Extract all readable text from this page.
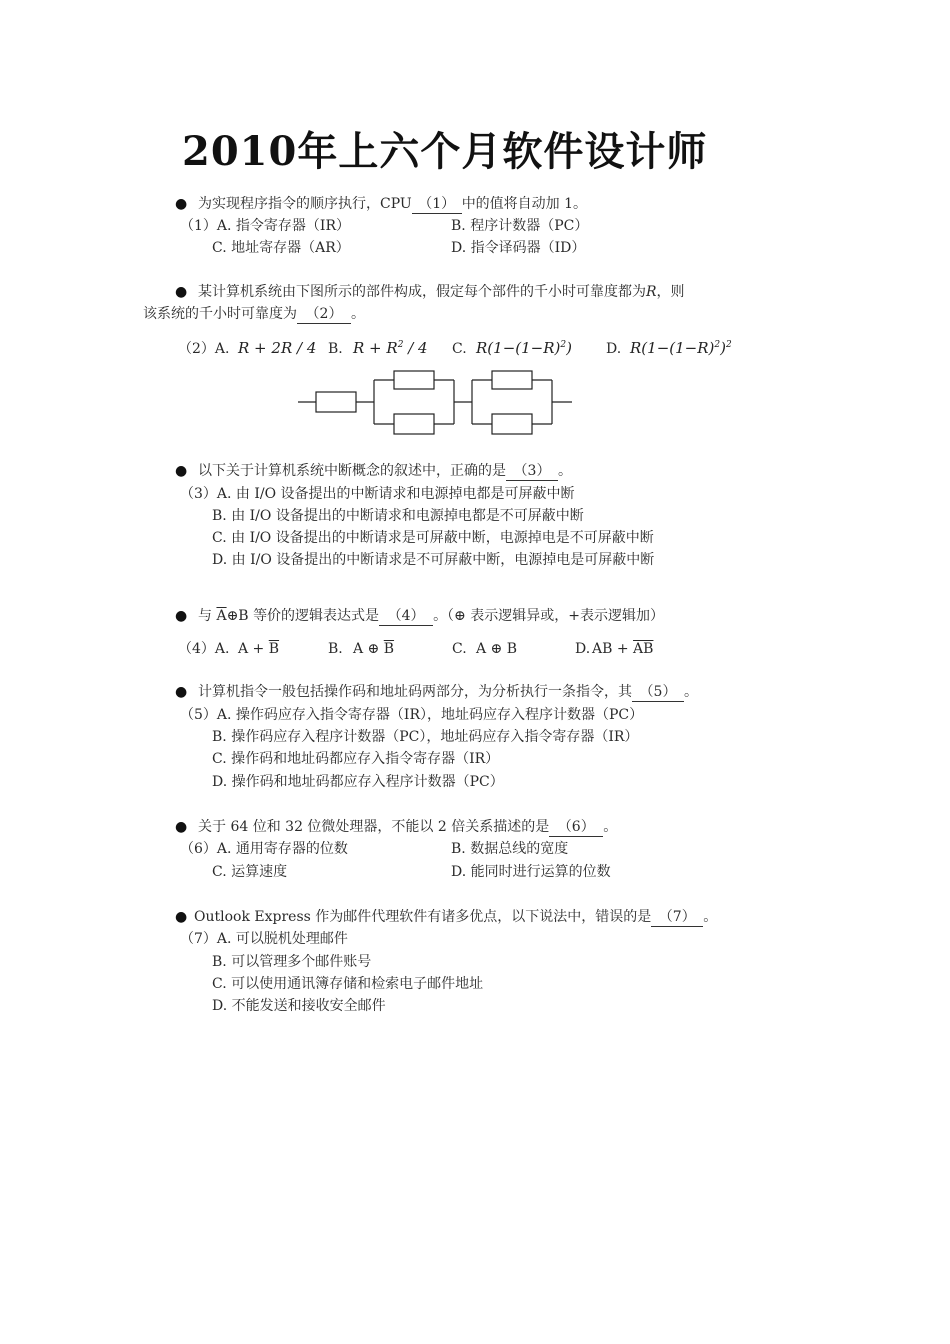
2010年上六个月软件设计师
● 为实现程序指令的顺序执行，CPU （1） 中的值将自动加 1。
（1）A. 指令寄存器（IR）	B. 程序计数器（PC）
C. 地址寄存器（AR）	D. 指令译码器（ID）
● 某计算机系统由下图所示的部件构成，假定每个部件的千小时可靠度都为R，则
该系统的千小时可靠度为 （2） 。
（2）A. R + 2R / 4 B. $R + R^2 / 4$ C. $R(1-(1-R)^2)$ D. $R(1-(1-R)^2)^2$
● 以下关于计算机系统中断概念的叙述中，正确的是 （3） 。
（3）A. 由 I/O 设备提出的中断请求和电源掉电都是可屏蔽中断
B. 由 I/O 设备提出的中断请求和电源掉电都是不可屏蔽中断
C. 由 I/O 设备提出的中断请求是可屏蔽中断，电源掉电是不可屏蔽中断
D. 由 I/O 设备提出的中断请求是不可屏蔽中断，电源掉电是可屏蔽中断
● 与 $\overline{A}\oplus B$ 等价的逻辑表达式是 （4） 。（⊕ 表示逻辑异或，+表示逻辑加）
（4）A. $A + \overline{B}$	B. A ⊕ $\overline{B}$	C. A ⊕ B	D. AB + $\overline{AB}$
● 计算机指令一般包括操作码和地址码两部分，为分析执行一条指令，其 （5） 。
（5）A. 操作码应存入指令寄存器（IR），地址码应存入程序计数器（PC）
B. 操作码应存入程序计数器（PC），地址码应存入指令寄存器（IR）
C. 操作码和地址码都应存入指令寄存器（IR）
D. 操作码和地址码都应存入程序计数器（PC）
● 关于 64 位和 32 位微处理器，不能以 2 倍关系描述的是 （6） 。
（6）A. 通用寄存器的位数	B. 数据总线的宽度
C. 运算速度	D. 能同时进行运算的位数
● Outlook Express 作为邮件代理软件有诸多优点，以下说法中，错误的是 （7） 。
（7）A. 可以脱机处理邮件
B. 可以管理多个邮件账号
C. 可以使用通讯簿存储和检索电子邮件地址
D. 不能发送和接收安全邮件
